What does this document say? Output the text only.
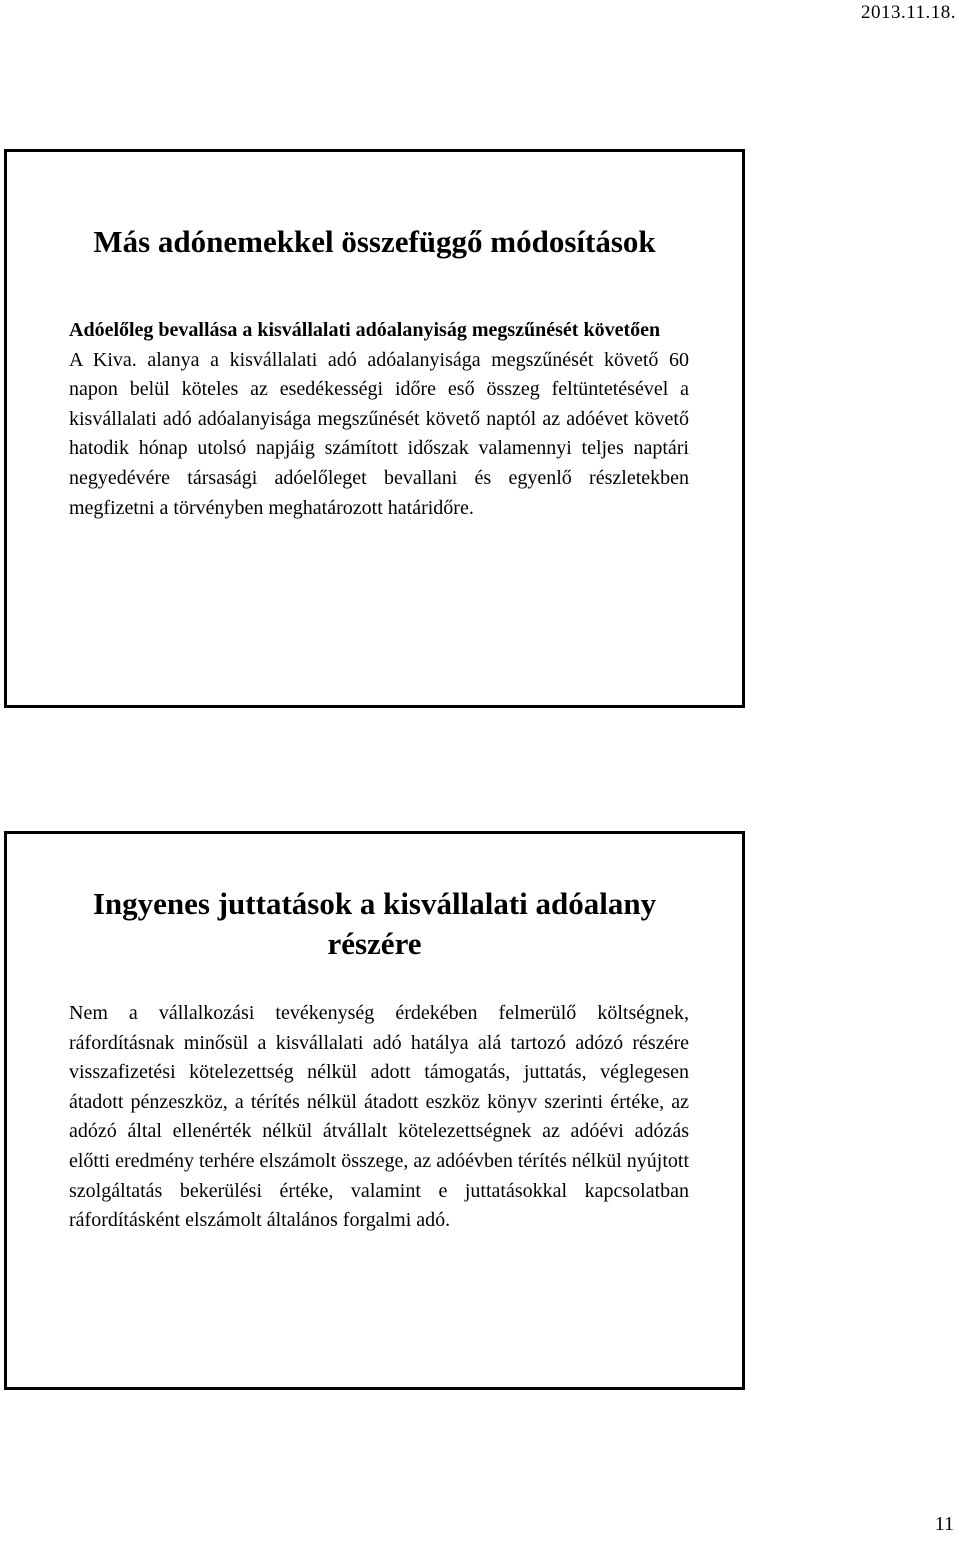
2013.11.18.
Más adónemekkel összefüggő módosítások
Adóelőleg bevallása a kisvállalati adóalanyiság megszűnését követően
A Kiva. alanya a kisvállalati adó adóalanyisága megszűnését követő 60 napon belül köteles az esedékességi időre eső összeg feltüntetésével a kisvállalati adó adóalanyisága megszűnését követő naptól az adóévet követő hatodik hónap utolsó napjáig számított időszak valamennyi teljes naptári negyedévére társasági adóelőleget bevallani és egyenlő részletekben megfizetni a törvényben meghatározott határidőre.
Ingyenes juttatások a kisvállalati adóalany részére
Nem a vállalkozási tevékenység érdekében felmerülő költségnek, ráfordításnak minősül a kisvállalati adó hatálya alá tartozó adózó részére visszafizetési kötelezettség nélkül adott támogatás, juttatás, véglegesen átadott pénzeszköz, a térítés nélkül átadott eszköz könyv szerinti értéke, az adózó által ellenérték nélkül átvállalt kötelezettségnek az adóévi adózás előtti eredmény terhére elszámolt összege, az adóévben térítés nélkül nyújtott szolgáltatás bekerülési értéke, valamint e juttatásokkal kapcsolatban ráfordításként elszámolt általános forgalmi adó.
11
